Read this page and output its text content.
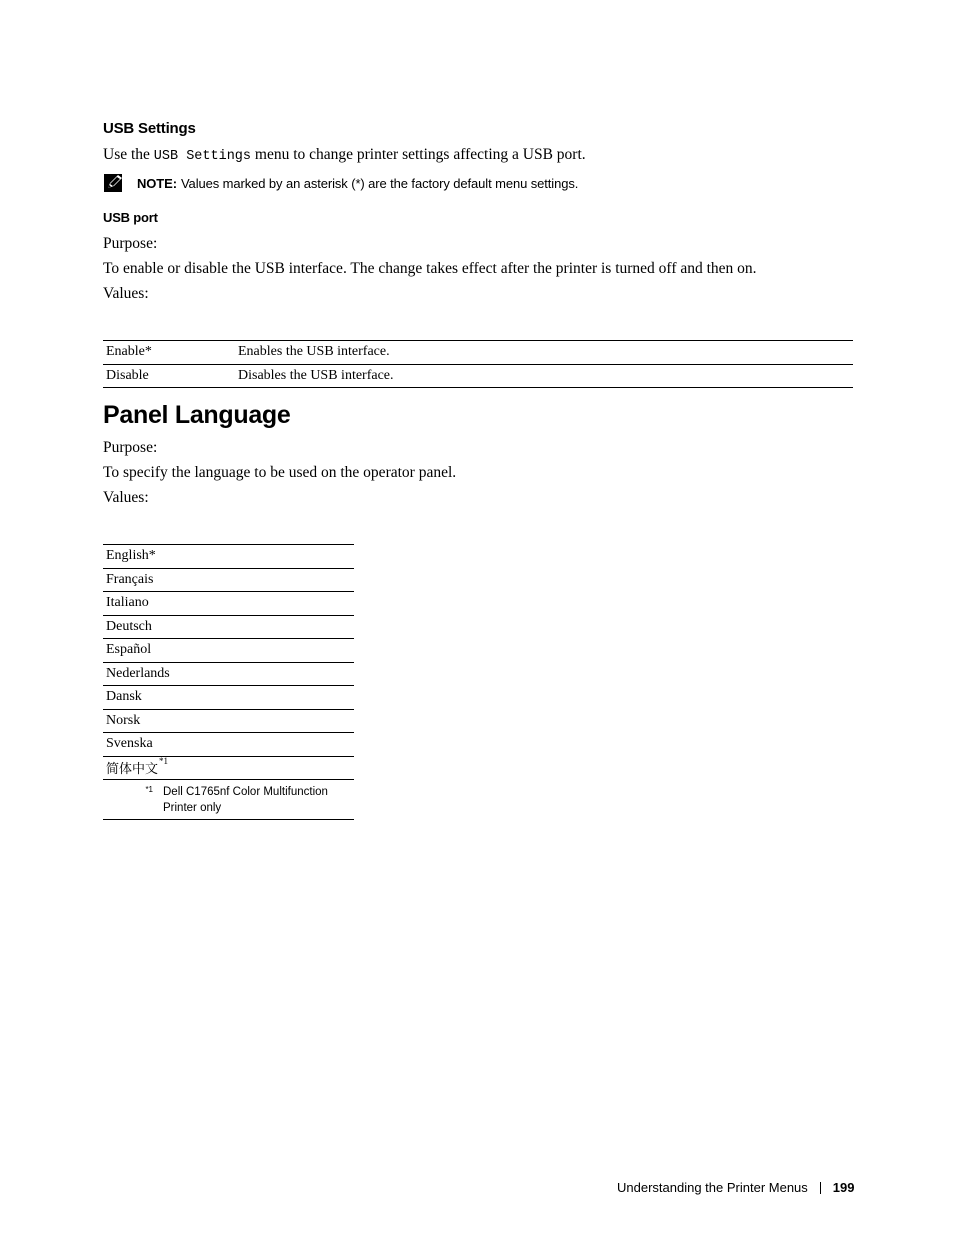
USB Settings
Use the USB Settings menu to change printer settings affecting a USB port.
NOTE: Values marked by an asterisk (*) are the factory default menu settings.
USB port
Purpose:
To enable or disable the USB interface. The change takes effect after the printer is turned off and then on.
Values:
Enable*	Enables the USB interface.
Disable	Disables the USB interface.
Panel Language
Purpose:
To specify the language to be used on the operator panel.
Values:
English*
Français
Italiano
Deutsch
Español
Nederlands
Dansk
Norsk
Svenska
简体中文$^{*1}$

*1 Dell C1765nf Color Multifunction Printer only
Understanding the Printer Menus 199
